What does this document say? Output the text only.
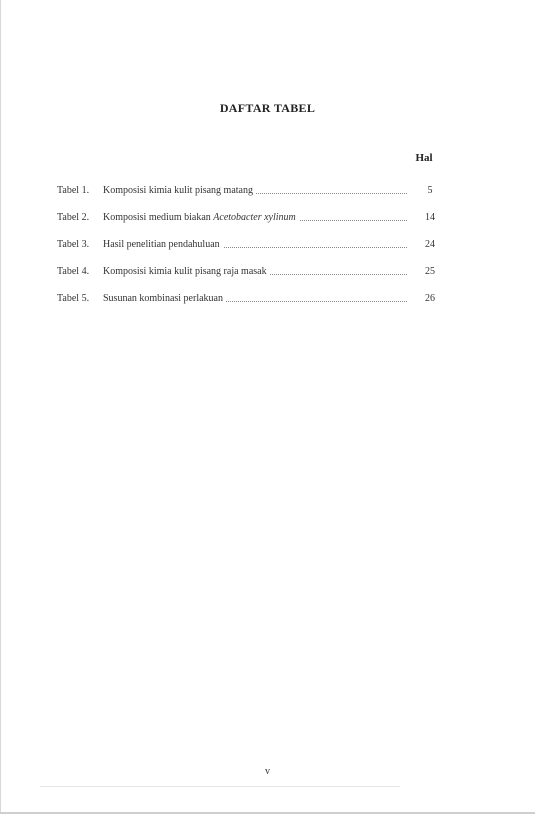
DAFTAR TABEL
Hal
Tabel 1.	Komposisi kimia kulit pisang matang	5
Tabel 2.	Komposisi medium biakan Acetobacter xylinum	14
Tabel 3.	Hasil penelitian pendahuluan	24
Tabel 4.	Komposisi kimia kulit pisang raja masak	25
Tabel 5.	Susunan kombinasi perlakuan	26
v
